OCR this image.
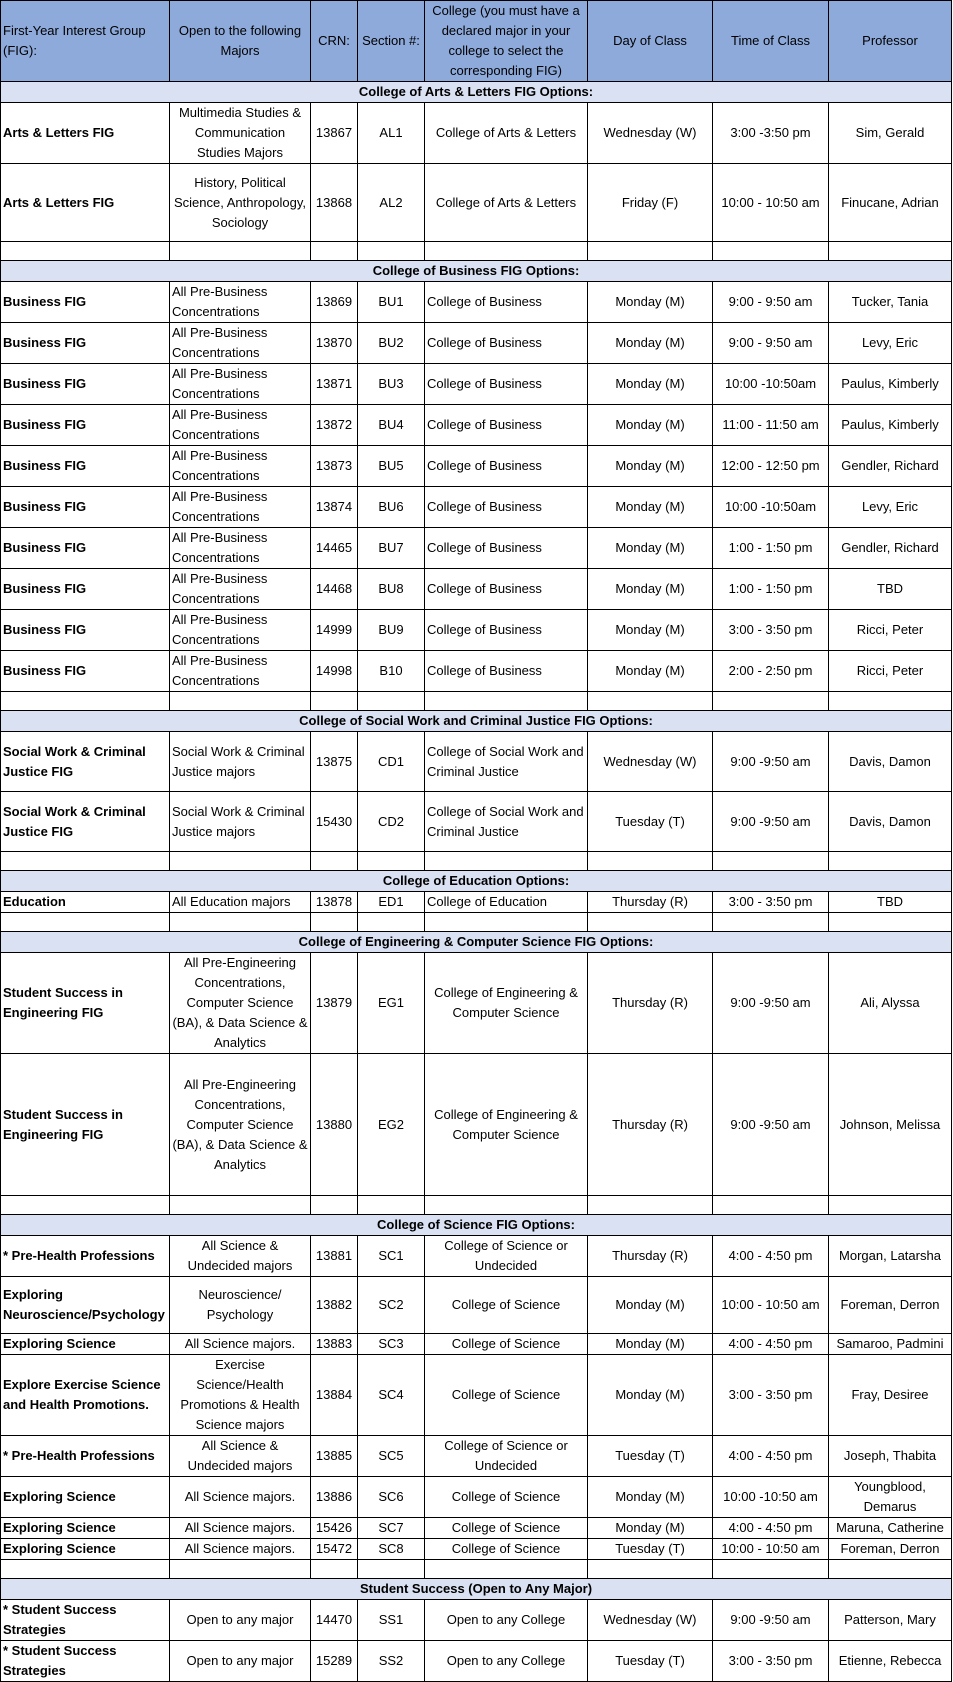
First-Year Interest Group (FIG):	Open to the following Majors	CRN:	Section #:	College (you must have a declared major in your college to select the corresponding FIG)	Day of Class	Time of Class	Professor
College of Arts & Letters FIG Options:							
Arts & Letters FIG	Multimedia Studies & Communication Studies Majors	13867	AL1	College of Arts & Letters	Wednesday (W)	3:00 -3:50 pm	Sim, Gerald
Arts & Letters FIG	History, Political Science, Anthropology, Sociology	13868	AL2	College of Arts & Letters	Friday (F)	10:00 - 10:50 am	Finucane, Adrian

College of Business FIG Options:							
Business FIG	All Pre-Business Concentrations	13869	BU1	College of Business	Monday (M)	9:00 - 9:50 am	Tucker, Tania
Business FIG	All Pre-Business Concentrations	13870	BU2	College of Business	Monday (M)	9:00 - 9:50 am	Levy, Eric
Business FIG	All Pre-Business Concentrations	13871	BU3	College of Business	Monday (M)	10:00 -10:50am	Paulus, Kimberly
Business FIG	All Pre-Business Concentrations	13872	BU4	College of Business	Monday (M)	11:00 - 11:50 am	Paulus, Kimberly
Business FIG	All Pre-Business Concentrations	13873	BU5	College of Business	Monday (M)	12:00 - 12:50 pm	Gendler, Richard
Business FIG	All Pre-Business Concentrations	13874	BU6	College of Business	Monday (M)	10:00 -10:50am	Levy, Eric
Business FIG	All Pre-Business Concentrations	14465	BU7	College of Business	Monday (M)	1:00 - 1:50 pm	Gendler, Richard
Business FIG	All Pre-Business Concentrations	14468	BU8	College of Business	Monday (M)	1:00 - 1:50 pm	TBD
Business FIG	All Pre-Business Concentrations	14999	BU9	College of Business	Monday (M)	3:00 - 3:50 pm	Ricci, Peter
Business FIG	All Pre-Business Concentrations	14998	B10	College of Business	Monday (M)	2:00 - 2:50 pm	Ricci, Peter

College of Social Work and Criminal Justice FIG Options:							
Social Work & Criminal Justice FIG	Social Work & Criminal Justice majors	13875	CD1	College of Social Work and Criminal Justice	Wednesday (W)	9:00 -9:50 am	Davis, Damon
Social Work & Criminal Justice FIG	Social Work & Criminal Justice majors	15430	CD2	College of Social Work and Criminal Justice	Tuesday (T)	9:00 -9:50 am	Davis, Damon

College of Education Options:							
Education	All Education majors	13878	ED1	College of Education	Thursday (R)	3:00 - 3:50 pm	TBD

College of Engineering & Computer Science FIG Options:							
Student Success in Engineering FIG	All Pre-Engineering Concentrations, Computer Science (BA), & Data Science & Analytics	13879	EG1	College of Engineering & Computer Science	Thursday (R)	9:00 -9:50 am	Ali, Alyssa
Student Success in Engineering FIG	All Pre-Engineering Concentrations, Computer Science (BA), & Data Science & Analytics	13880	EG2	College of Engineering & Computer Science	Thursday (R)	9:00 -9:50 am	Johnson, Melissa

College of Science FIG Options:							
* Pre-Health Professions	All Science & Undecided majors	13881	SC1	College of Science or Undecided	Thursday (R)	4:00 - 4:50 pm	Morgan, Latarsha
Exploring Neuroscience/Psychology	Neuroscience/ Psychology	13882	SC2	College of Science	Monday (M)	10:00 - 10:50 am	Foreman, Derron
Exploring Science	All Science majors.	13883	SC3	College of Science	Monday (M)	4:00 - 4:50 pm	Samaroo, Padmini
Explore Exercise Science and Health Promotions.	Exercise Science/Health Promotions & Health Science majors	13884	SC4	College of Science	Monday (M)	3:00 - 3:50 pm	Fray, Desiree
* Pre-Health Professions	All Science & Undecided majors	13885	SC5	College of Science or Undecided	Tuesday (T)	4:00 - 4:50 pm	Joseph, Thabita
Exploring Science	All Science majors.	13886	SC6	College of Science	Monday (M)	10:00 -10:50 am	Youngblood, Demarus
Exploring Science	All Science majors.	15426	SC7	College of Science	Monday (M)	4:00 - 4:50 pm	Maruna, Catherine
Exploring Science	All Science majors.	15472	SC8	College of Science	Tuesday (T)	10:00 - 10:50 am	Foreman, Derron

Student Success (Open to Any Major)							
* Student Success Strategies	Open to any major	14470	SS1	Open to any College	Wednesday (W)	9:00 -9:50 am	Patterson, Mary
* Student Success Strategies	Open to any major	15289	SS2	Open to any College	Tuesday (T)	3:00 - 3:50 pm	Etienne, Rebecca
